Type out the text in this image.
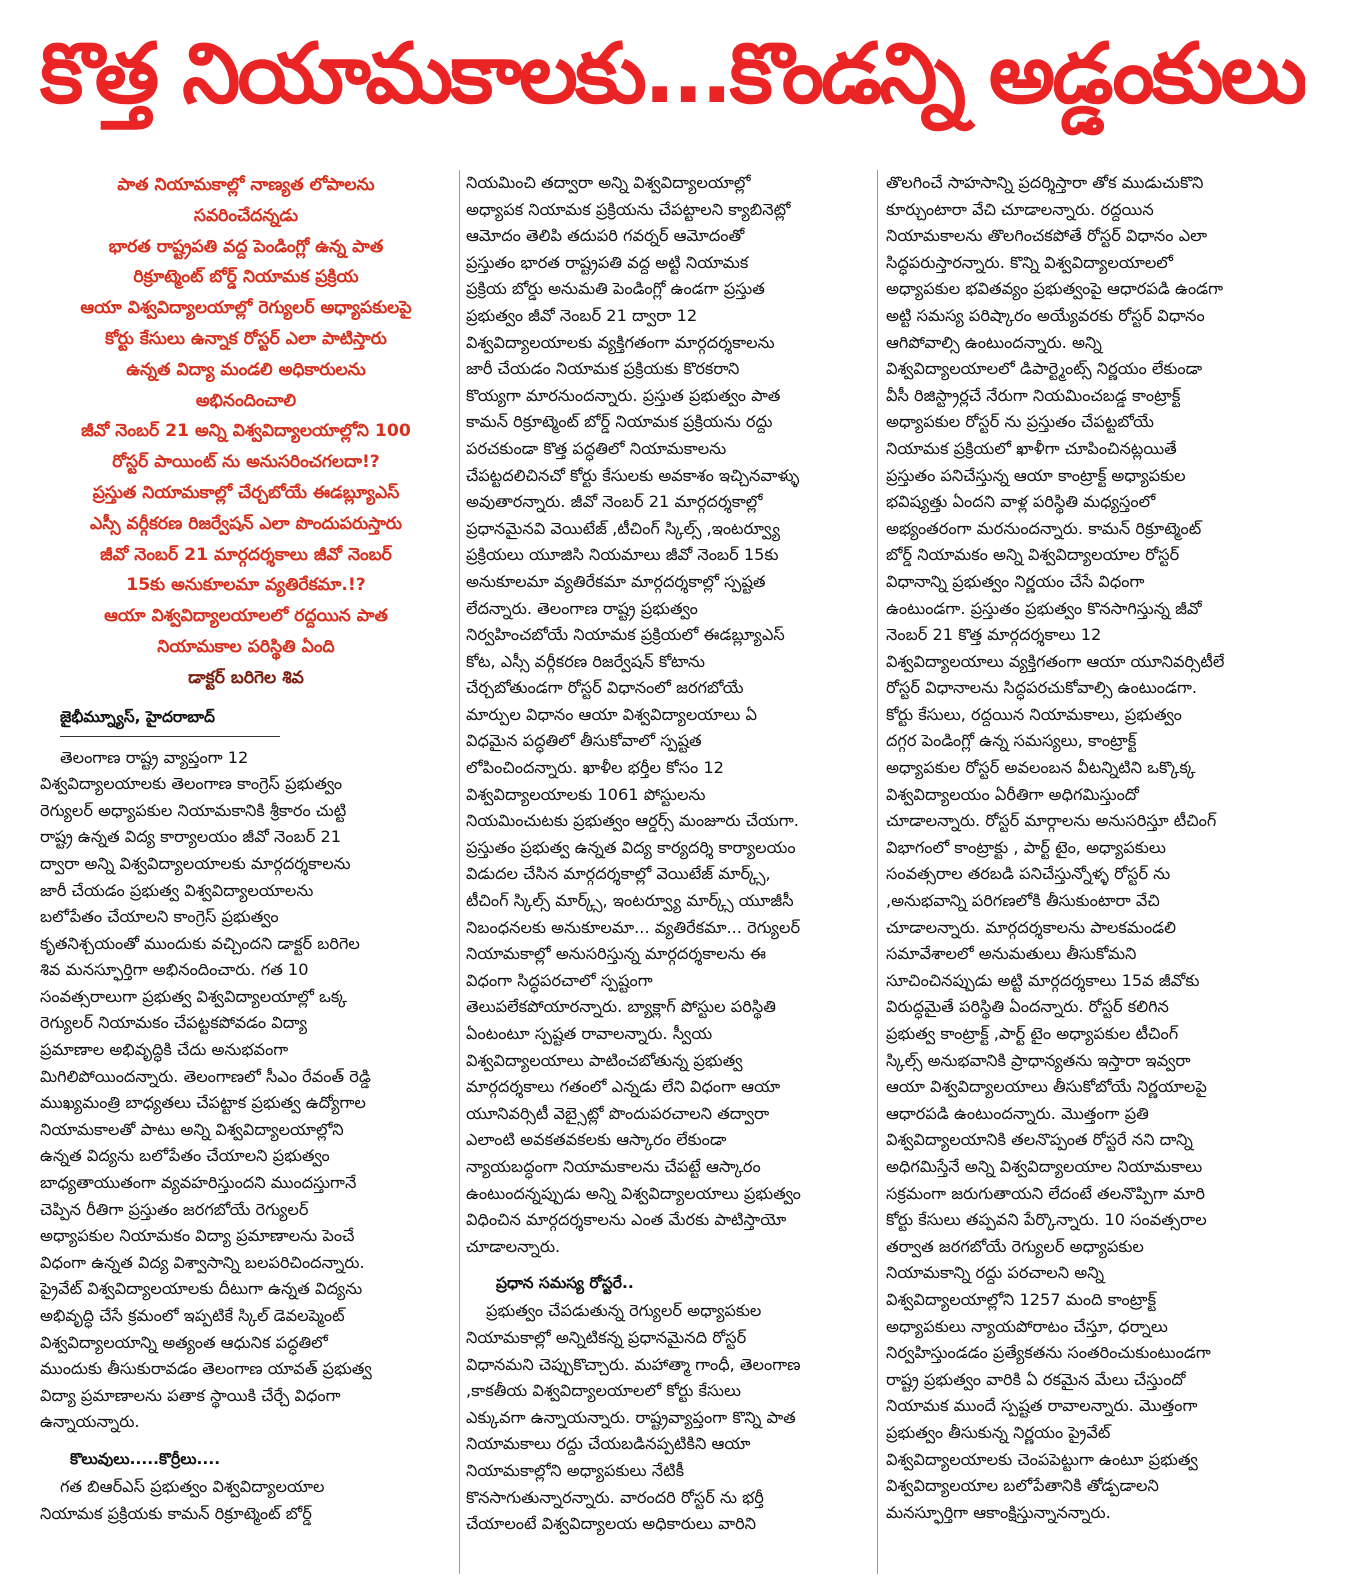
కొత్త నియామకాలకు...కొండన్ని అడ్డంకులు
పాత నియామకాల్లో నాణ్యత లోపాలను
సవరించేదన్నడు
భారత రాష్ట్రపతి వద్ద పెండింగ్లో ఉన్న పాత
రిక్రూట్మెంట్ బోర్డ్ నియామక ప్రక్రియ
ఆయా విశ్వవిద్యాలయాల్లో రెగ్యులర్ అధ్యాపకులపై
కోర్టు కేసులు ఉన్నాక రోస్టర్ ఎలా పాటిస్తారు
ఉన్నత విద్యా మండలి అధికారులను
అభినందించాలి
జీవో నెంబర్ 21 అన్ని విశ్వవిద్యాలయాల్లోని 100
రోస్టర్ పాయింట్ ను అనుసరించగలదా!?
ప్రస్తుత నియామకాల్లో చేర్చబోయే ఈడబ్ల్యూఎస్
ఎస్సీ వర్గీకరణ రిజర్వేషన్ ఎలా పొందుపరుస్తారు
జీవో నెంబర్ 21 మార్గదర్శకాలు జీవో నెంబర్
15కు అనుకూలమా వ్యతిరేకమా.!?
ఆయా విశ్వవిద్యాలయాలలో రద్దయిన పాత
నియామకాల పరిస్థితి ఏంది
డాక్టర్ బరిగెల శివ
జైభీమ్న్యూస్, హైదరాబాద్
తెలంగాణ రాష్ట్ర వ్యాప్తంగా 12
విశ్వవిద్యాలయాలకు తెలంగాణ కాంగ్రెస్ ప్రభుత్వం
రెగ్యులర్ అధ్యాపకుల నియామకానికి శ్రీకారం చుట్టి
రాష్ట్ర ఉన్నత విద్య కార్యాలయం జీవో నెంబర్ 21
ద్వారా అన్ని విశ్వవిద్యాలయాలకు మార్గదర్శకాలను
జారీ చేయడం ప్రభుత్వ విశ్వవిద్యాలయాలను
బలోపేతం చేయాలని కాంగ్రెస్ ప్రభుత్వం
కృతనిశ్చయంతో ముందుకు వచ్చిందని డాక్టర్ బరిగెల
శివ మనస్ఫూర్తిగా అభినందించారు. గత 10
సంవత్సరాలుగా ప్రభుత్వ విశ్వవిద్యాలయాల్లో ఒక్క
రెగ్యులర్ నియామకం చేపట్టకపోవడం విద్యా
ప్రమాణాల అభివృద్ధికి చేదు అనుభవంగా
మిగిలిపోయిందన్నారు. తెలంగాణలో సీఎం రేవంత్ రెడ్డి
ముఖ్యమంత్రి బాధ్యతలు చేపట్టాక ప్రభుత్వ ఉద్యోగాల
నియామకాలతో పాటు అన్ని విశ్వవిద్యాలయాల్లోని
ఉన్నత విద్యను బలోపేతం చేయాలని ప్రభుత్వం
బాధ్యతాయుతంగా వ్యవహరిస్తుందని ముందస్తుగానే
చెప్పిన రీతిగా ప్రస్తుతం జరగబోయే రెగ్యులర్
అధ్యాపకుల నియామకం విద్యా ప్రమాణాలను పెంచే
విధంగా ఉన్నత విద్య విశ్వాసాన్ని బలపరిచిందన్నారు.
ప్రైవేట్ విశ్వవిద్యాలయాలకు దీటుగా ఉన్నత విద్యను
అభివృద్ధి చేసే క్రమంలో ఇప్పటికే స్కిల్ డెవలప్మెంట్
విశ్వవిద్యాలయాన్ని అత్యంత ఆధునిక పద్ధతిలో
ముందుకు తీసుకురావడం తెలంగాణ యావత్ ప్రభుత్వ
విద్యా ప్రమాణాలను పతాక స్థాయికి చేర్చే విధంగా
ఉన్నాయన్నారు.
కొలువులు.....కొర్రీలు....
గత బిఆర్ఎస్ ప్రభుత్వం విశ్వవిద్యాలయాల
నియామక ప్రక్రియకు కామన్ రిక్రూట్మెంట్ బోర్డ్
నియమించి తద్వారా అన్ని విశ్వవిద్యాలయాల్లో
అధ్యాపక నియామక ప్రక్రియను చేపట్టాలని క్యాబినెట్లో
ఆమోదం తెలిపి తదుపరి గవర్నర్ ఆమోదంతో
ప్రస్తుతం భారత రాష్ట్రపతి వద్ద అట్టి నియామక
ప్రక్రియ బోర్డు అనుమతి పెండింగ్లో ఉండగా ప్రస్తుత
ప్రభుత్వం జీవో నెంబర్ 21 ద్వారా 12
విశ్వవిద్యాలయాలకు వ్యక్తిగతంగా మార్గదర్శకాలను
జారీ చేయడం నియామక ప్రక్రియకు కొరకరాని
కొయ్యగా మారనుందన్నారు. ప్రస్తుత ప్రభుత్వం పాత
కామన్ రిక్రూట్మెంట్ బోర్డ్ నియామక ప్రక్రియను రద్దు
పరచకుండా కొత్త పద్ధతిలో నియామకాలను
చేపట్టదలిచినచో కోర్టు కేసులకు అవకాశం ఇచ్చినవాళ్ళు
అవుతారన్నారు. జీవో నెంబర్ 21 మార్గదర్శకాల్లో
ప్రధానమైనవి వెయిటేజ్ ,టీచింగ్ స్కిల్స్ ,ఇంటర్వ్యూ
ప్రక్రియలు యూజిసి నియమాలు జీవో నెంబర్ 15కు
అనుకూలమా వ్యతిరేకమా మార్గదర్శకాల్లో స్పష్టత
లేదన్నారు. తెలంగాణ రాష్ట్ర ప్రభుత్వం
నిర్వహించబోయే నియామక ప్రక్రియలో ఈడబ్ల్యూఎస్
కోట, ఎస్సీ వర్గీకరణ రిజర్వేషన్ కోటాను
చేర్చబోతుండగా రోస్టర్ విధానంలో జరగబోయే
మార్పుల విధానం ఆయా విశ్వవిద్యాలయాలు ఏ
విధమైన పద్ధతిలో తీసుకోవాలో స్పష్టత
లోపించిందన్నారు. ఖాళీల భర్తీల కోసం 12
విశ్వవిద్యాలయాలకు 1061 పోస్టులను
నియమించుటకు ప్రభుత్వం ఆర్డర్స్ మంజూరు చేయగా.
ప్రస్తుతం ప్రభుత్వ ఉన్నత విద్య కార్యదర్శి కార్యాలయం
విడుదల చేసిన మార్గదర్శకాల్లో వెయిటేజ్ మార్క్స్,
టీచింగ్ స్కిల్స్ మార్క్స్, ఇంటర్వ్యూ మార్క్స్ యూజీసీ
నిబంధనలకు అనుకూలమా... వ్యతిరేకమా... రెగ్యులర్
నియామకాల్లో అనుసరిస్తున్న మార్గదర్శకాలను ఈ
విధంగా సిద్ధపరచాలో స్పష్టంగా
తెలుపలేకపోయారన్నారు. బ్యాక్లాగ్ పోస్టుల పరిస్థితి
ఏంటంటూ స్పష్టత రావాలన్నారు. స్వీయ
విశ్వవిద్యాలయాలు పాటించబోతున్న ప్రభుత్వ
మార్గదర్శకాలు గతంలో ఎన్నడు లేని విధంగా ఆయా
యూనివర్సిటీ వెబ్సైట్లో పొందుపరచాలని తద్వారా
ఎలాంటి అవకతవకలకు ఆస్కారం లేకుండా
న్యాయబద్ధంగా నియామకాలను చేపట్టే ఆస్కారం
ఉంటుందన్నప్పుడు అన్ని విశ్వవిద్యాలయాలు ప్రభుత్వం
విధించిన మార్గదర్శకాలను ఎంత మేరకు పాటిస్తాయో
చూడాలన్నారు.
ప్రధాన సమస్య రోస్టరే..
ప్రభుత్వం చేపడుతున్న రెగ్యులర్ అధ్యాపకుల
నియామకాల్లో అన్నిటికన్న ప్రధానమైనది రోస్టర్
విధానమని చెప్పుకొచ్చారు. మహాత్మా గాంధీ, తెలంగాణ
,కాకతీయ విశ్వవిద్యాలయాలలో కోర్టు కేసులు
ఎక్కువగా ఉన్నాయన్నారు. రాష్ట్రవ్యాప్తంగా కొన్ని పాత
నియామకాలు రద్దు చేయబడినప్పటికిని ఆయా
నియామకాల్లోని అధ్యాపకులు నేటికీ
కొనసాగుతున్నారన్నారు. వారందరి రోస్టర్ ను భర్తీ
చేయాలంటే విశ్వవిద్యాలయ అధికారులు వారిని
తొలగించే సాహసాన్ని ప్రదర్శిస్తారా తోక ముడుచుకొని
కూర్చుంటారా వేచి చూడాలన్నారు. రద్దయిన
నియామకాలను తొలగించకపోతే రోస్టర్ విధానం ఎలా
సిద్ధపరుస్తారన్నారు. కొన్ని విశ్వవిద్యాలయాలలో
అధ్యాపకుల భవితవ్యం ప్రభుత్వంపై ఆధారపడి ఉండగా
అట్టి సమస్య పరిష్కారం అయ్యేవరకు రోస్టర్ విధానం
ఆగిపోవాల్సి ఉంటుందన్నారు. అన్ని
విశ్వవిద్యాలయాలలో డిపార్ట్మెంట్స్ నిర్ణయం లేకుండా
వీసీ రిజిస్ట్రార్లచే నేరుగా నియమించబడ్డ కాంట్రాక్ట్
అధ్యాపకుల రోస్టర్ ను ప్రస్తుతం చేపట్టబోయే
నియామక ప్రక్రియలో ఖాళీగా చూపించినట్లయితే
ప్రస్తుతం పనిచేస్తున్న ఆయా కాంట్రాక్ట్ అధ్యాపకుల
భవిష్యత్తు ఏందని వాళ్ల పరిస్థితి మధ్యస్తంలో
అభ్యంతరంగా మరనుందన్నారు. కామన్ రిక్రూట్మెంట్
బోర్డ్ నియామకం అన్ని విశ్వవిద్యాలయాల రోస్టర్
విధానాన్ని ప్రభుత్వం నిర్ణయం చేసే విధంగా
ఉంటుండగా. ప్రస్తుతం ప్రభుత్వం కొనసాగిస్తున్న జీవో
నెంబర్ 21 కొత్త మార్గదర్శకాలు 12
విశ్వవిద్యాలయాలు వ్యక్తిగతంగా ఆయా యూనివర్సిటీలే
రోస్టర్ విధానాలను సిద్ధపరచుకోవాల్సి ఉంటుండగా.
కోర్టు కేసులు, రద్దయిన నియామకాలు, ప్రభుత్వం
దగ్గర పెండింగ్లో ఉన్న సమస్యలు, కాంట్రాక్ట్
అధ్యాపకుల రోస్టర్ అవలంబన వీటన్నిటిని ఒక్కొక్క
విశ్వవిద్యాలయం ఏరీతిగా అధిగమిస్తుందో
చూడాలన్నారు. రోస్టర్ మార్గాలను అనుసరిస్తూ టీచింగ్
విభాగంలో కాంట్రాక్టు , పార్ట్ టైం, అధ్యాపకులు
సంవత్సరాల తరబడి పనిచేస్తున్నోళ్ళ రోస్టర్ ను
,అనుభవాన్ని పరిగణలోకి తీసుకుంటారా వేచి
చూడాలన్నారు. మార్గదర్శకాలను పాలకమండలి
సమావేశాలలో అనుమతులు తీసుకోమని
సూచించినప్పుడు అట్టి మార్గదర్శకాలు 15వ జీవోకు
విరుద్ధమైతే పరిస్థితి ఏందన్నారు. రోస్టర్ కలిగిన
ప్రభుత్వ కాంట్రాక్ట్ ,పార్ట్ టైం అధ్యాపకుల టీచింగ్
స్కిల్స్ అనుభవానికి ప్రాధాన్యతను ఇస్తారా ఇవ్వరా
ఆయా విశ్వవిద్యాలయాలు తీసుకోబోయే నిర్ణయాలపై
ఆధారపడి ఉంటుందన్నారు. మొత్తంగా ప్రతి
విశ్వవిద్యాలయానికి తలనొప్పంత రోస్టరే నని దాన్ని
అధిగమిస్తేనే అన్ని విశ్వవిద్యాలయాల నియామకాలు
సక్రమంగా జరుగుతాయని లేదంటే తలనొప్పిగా మారి
కోర్టు కేసులు తప్పవని పేర్కొన్నారు. 10 సంవత్సరాల
తర్వాత జరగబోయే రెగ్యులర్ అధ్యాపకుల
నియామకాన్ని రద్దు పరచాలని అన్ని
విశ్వవిద్యాలయాల్లోని 1257 మంది కాంట్రాక్ట్
అధ్యాపకులు న్యాయపోరాటం చేస్తూ, ధర్నాలు
నిర్వహిస్తుండడం ప్రత్యేకతను సంతరించుకుంటుండగా
రాష్ట్ర ప్రభుత్వం వారికి ఏ రకమైన మేలు చేస్తుందో
నియామక ముందే స్పష్టత రావాలన్నారు. మొత్తంగా
ప్రభుత్వం తీసుకున్న నిర్ణయం ప్రైవేట్
విశ్వవిద్యాలయాలకు చెంపపెట్టుగా ఉంటూ ప్రభుత్వ
విశ్వవిద్యాలయాల బలోపేతానికి తోడ్పడాలని
మనస్ఫూర్తిగా ఆకాంక్షిస్తున్నానన్నారు.
